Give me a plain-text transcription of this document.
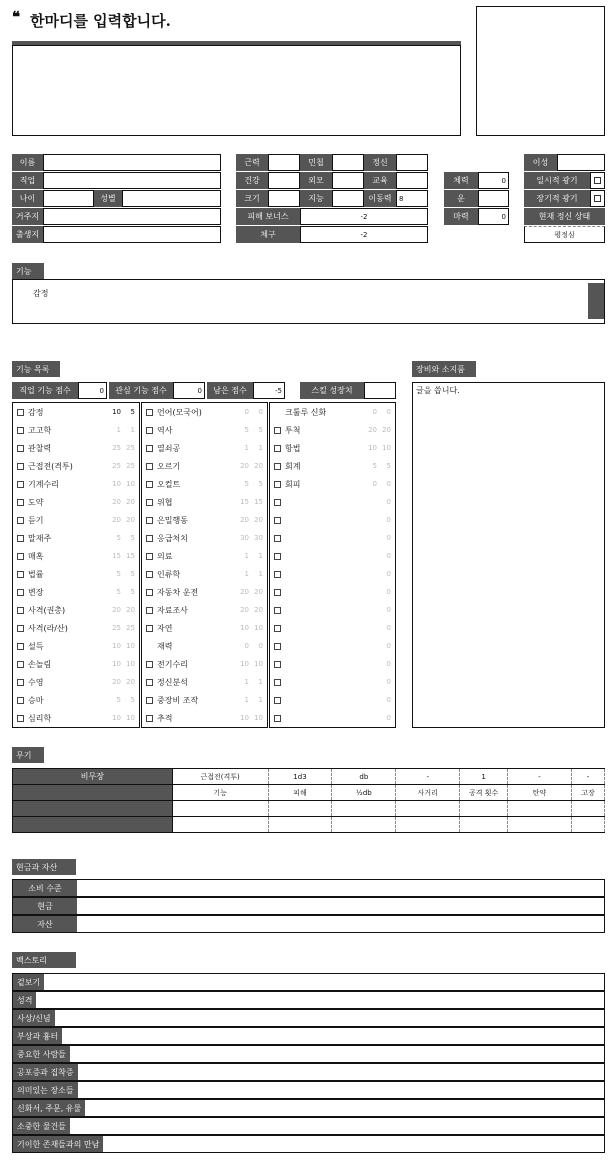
❝ 한마디를 입력합니다.
이름
직업
나이	성별
거주지
출생지
근력	민첩	정신
건강	외모	교육
크기	지능	이동력	8
피해 보너스	-2
체구	-2
체력	0
운
마력	0
이성
일시적 광기
장기적 광기
현재 정신 상태
평정심
기능
감정
기능 목록
직업 기능 점수	0	관심 기능 점수	0	남은 점수	-5	스킬 성장치
감정	10	5
고고학	1	1
관찰력	25 25
근접전(격투)	25 25
기계수리	10 10
도약	20 20
듣기	20 20
말재주	5	5
매혹	15 15
법률	5	5
변장	5	5
사격(권총)	20 20
사격(라/산)	25 25
설득	10 10
손놀림	10 10
수영	20 20
승마	5	5
심리학	10 10
언어(모국어)	0	0
역사	5	5
열쇠공	1	1
오르기	20 20
오컬트	5	5
위협	15 15
은밀행동	20 20
응급처치	30 30
의료	1	1
인류학	1	1
자동차 운전	20 20
자료조사	20 20
자연	10 10
재력	0	0
전기수리	10 10
정신분석	1	1
중장비 조작	1	1
추적	10 10
크툴루 신화	0	0
투척	20 20
항법	10 10
회계	5	5
회피	0	0
0
0
0
0
0
0
0
0
0
0
0
0
0
장비와 소지품
글을 씁니다.
무기
비무장	근접전(격투)	1d3	db	-	1	-	-
	기능	피해	½db	사거리	공격 횟수	탄약	고장

현금과 자산
소비 수준
현금
자산
백스토리
겉보기
성격
사상/신념
부상과 흉터
중요한 사람들
공포증과 집착증
의미있는 장소들
신화서, 주문, 유물
소중한 물건들
기이한 존재들과의 만남
